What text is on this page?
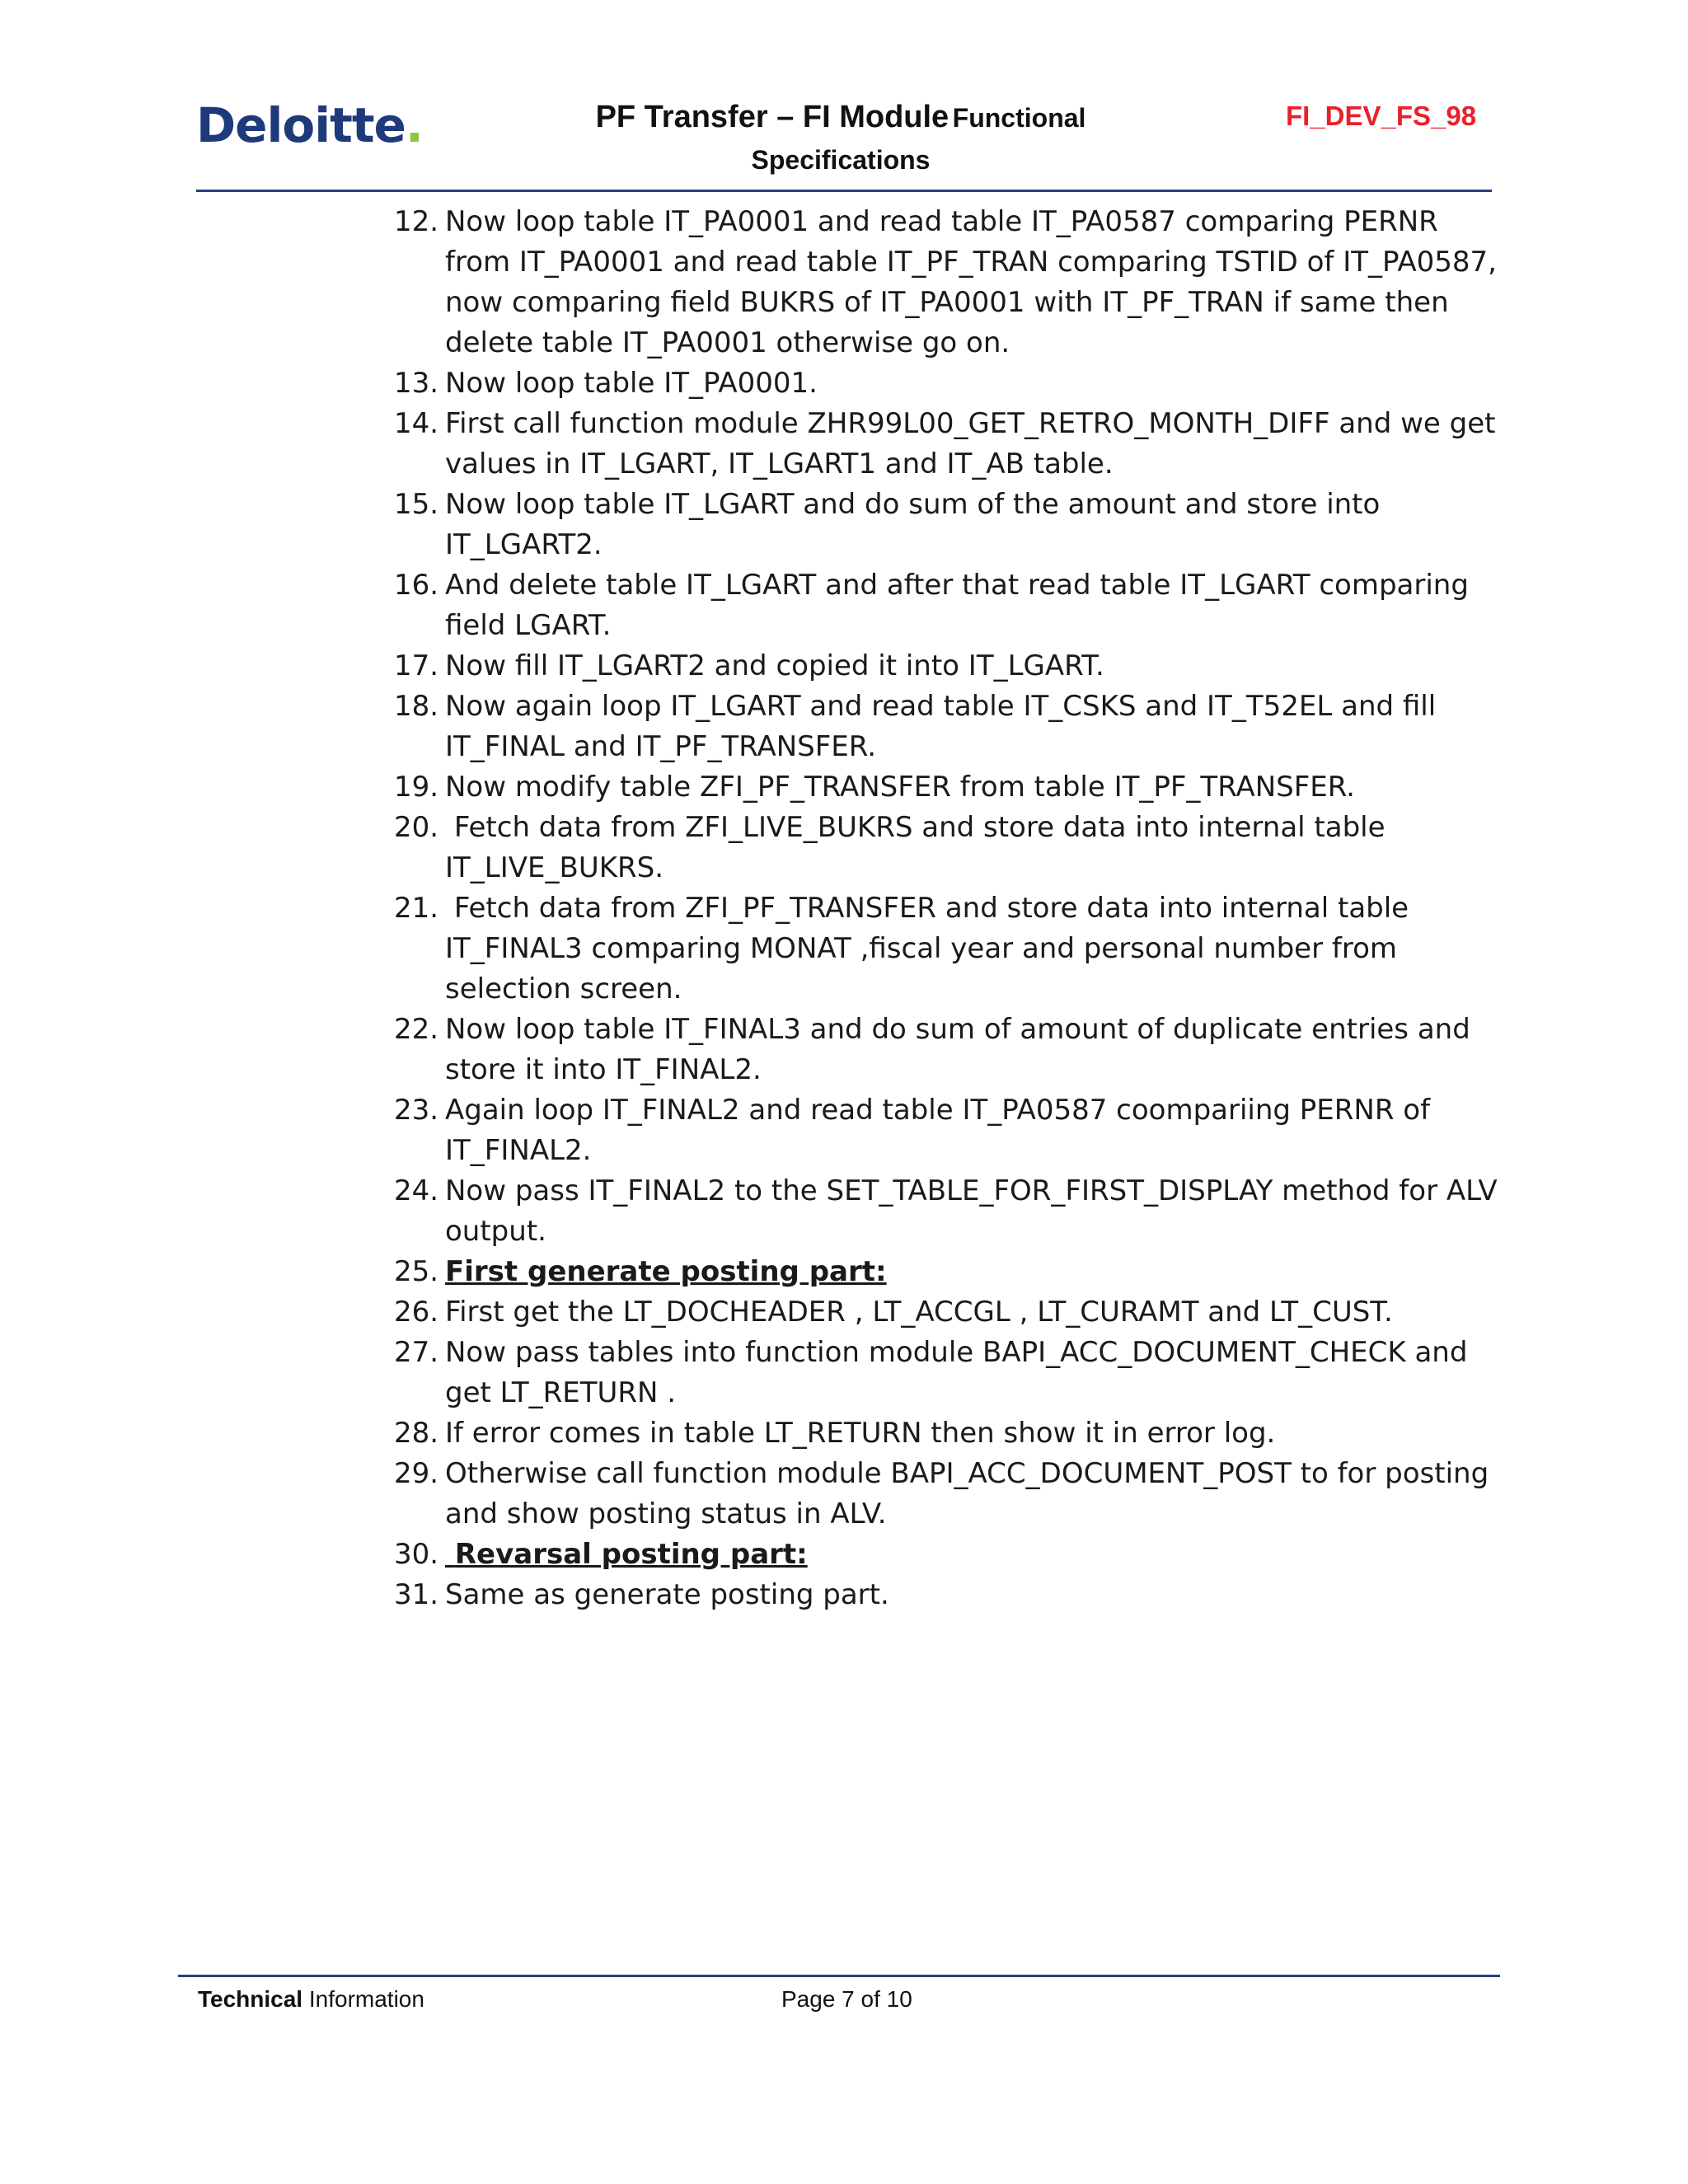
Deloitte.	PF Transfer – FI Module Functional
Specifications
FI_DEV_FS_98
12. Now loop table IT_PA0001 and read table IT_PA0587 comparing PERNR from IT_PA0001 and read table IT_PF_TRAN comparing TSTID of IT_PA0587, now comparing field BUKRS of IT_PA0001 with IT_PF_TRAN if same then delete table IT_PA0001 otherwise go on.
13. Now loop table IT_PA0001.
14. First call function module ZHR99L00_GET_RETRO_MONTH_DIFF and we get values in IT_LGART, IT_LGART1 and IT_AB table.
15. Now loop table IT_LGART and do sum of the amount and store into IT_LGART2.
16. And delete table IT_LGART and after that read table IT_LGART comparing field LGART.
17. Now fill IT_LGART2 and copied it into IT_LGART.
18. Now again loop IT_LGART and read table IT_CSKS and IT_T52EL and fill IT_FINAL and IT_PF_TRANSFER.
19. Now modify table ZFI_PF_TRANSFER from table IT_PF_TRANSFER.
20. Fetch data from ZFI_LIVE_BUKRS and store data into internal table IT_LIVE_BUKRS.
21. Fetch data from ZFI_PF_TRANSFER and store data into internal table IT_FINAL3 comparing MONAT ,fiscal year and personal number from selection screen.
22. Now loop table IT_FINAL3 and do sum of amount of duplicate entries and store it into IT_FINAL2.
23. Again loop IT_FINAL2 and read table IT_PA0587 coompariing PERNR of IT_FINAL2.
24. Now pass IT_FINAL2 to the SET_TABLE_FOR_FIRST_DISPLAY method for ALV output.
25. First generate posting part:
26. First get the LT_DOCHEADER , LT_ACCGL , LT_CURAMT and LT_CUST.
27. Now pass tables into function module BAPI_ACC_DOCUMENT_CHECK and get LT_RETURN .
28. If error comes in table LT_RETURN then show it in error log.
29. Otherwise call function module BAPI_ACC_DOCUMENT_POST to for posting and show posting status in ALV.
30. Revarsal posting part:
31. Same as generate posting part.
Technical Information	Page 7 of 10
